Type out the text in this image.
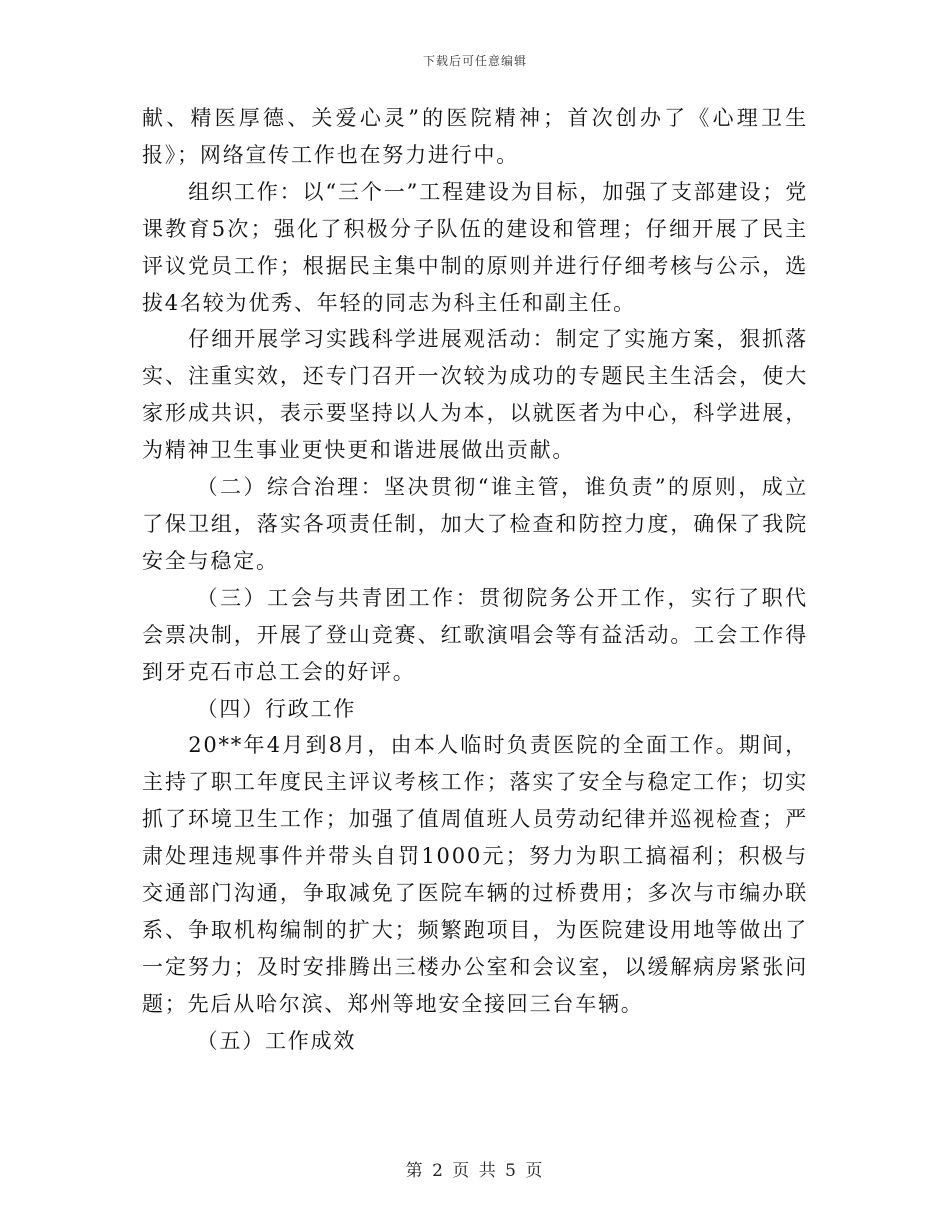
下载后可任意编辑

献、精医厚德、关爱心灵”的医院精神；首次创办了《心理卫生报》；网络宣传工作也在努力进行中。

组织工作：以“三个一”工程建设为目标，加强了支部建设；党课教育5次；强化了积极分子队伍的建设和管理；仔细开展了民主评议党员工作；根据民主集中制的原则并进行仔细考核与公示，选拔4名较为优秀、年轻的同志为科主任和副主任。

仔细开展学习实践科学进展观活动：制定了实施方案，狠抓落实、注重实效，还专门召开一次较为成功的专题民主生活会，使大家形成共识，表示要坚持以人为本，以就医者为中心，科学进展，为精神卫生事业更快更和谐进展做出贡献。

（二）综合治理：坚决贯彻“谁主管，谁负责”的原则，成立了保卫组，落实各项责任制，加大了检查和防控力度，确保了我院安全与稳定。

（三）工会与共青团工作：贯彻院务公开工作，实行了职代会票决制，开展了登山竞赛、红歌演唱会等有益活动。工会工作得到牙克石市总工会的好评。

（四）行政工作

20**年4月到8月，由本人临时负责医院的全面工作。期间，主持了职工年度民主评议考核工作；落实了安全与稳定工作；切实抓了环境卫生工作；加强了值周值班人员劳动纪律并巡视检查；严肃处理违规事件并带头自罚1000元；努力为职工搞福利；积极与交通部门沟通，争取减免了医院车辆的过桥费用；多次与市编办联系、争取机构编制的扩大；频繁跑项目，为医院建设用地等做出了一定努力；及时安排腾出三楼办公室和会议室，以缓解病房紧张问题；先后从哈尔滨、郑州等地安全接回三台车辆。

（五）工作成效

第 2 页 共 5 页
